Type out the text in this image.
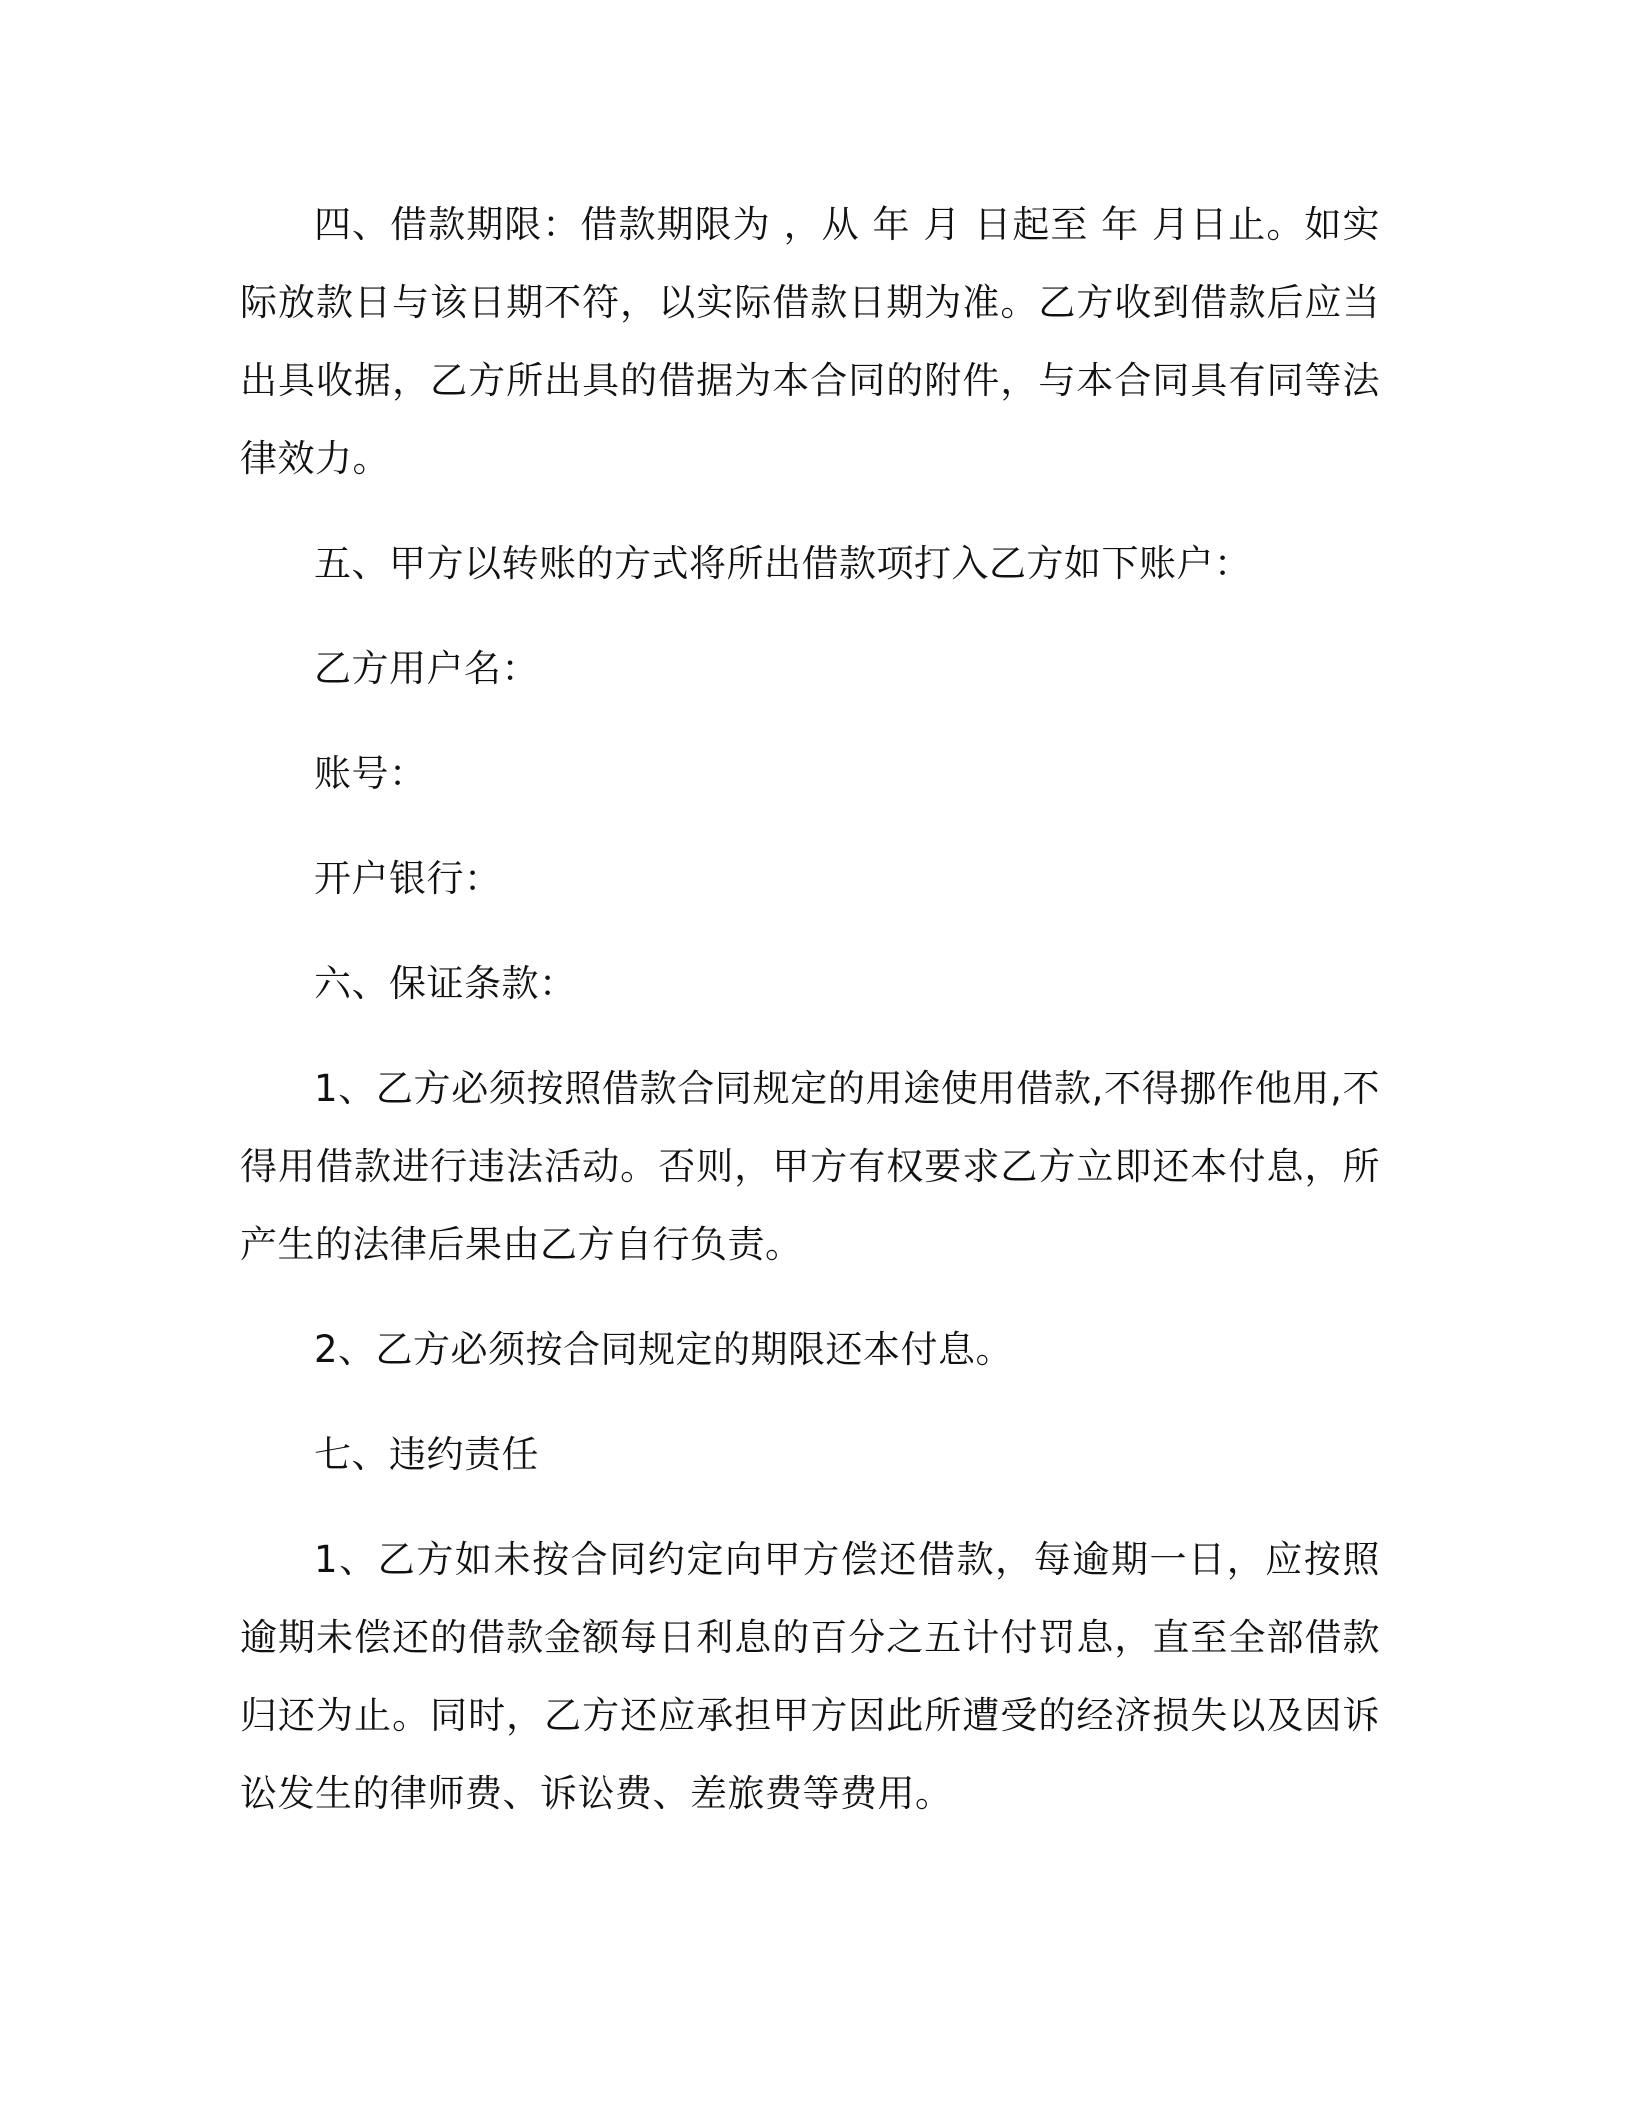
四、借款期限：借款期限为 ，从 年 月 日起至 年 月日止。如实际放款日与该日期不符，以实际借款日期为准。乙方收到借款后应当出具收据，乙方所出具的借据为本合同的附件，与本合同具有同等法律效力。

五、甲方以转账的方式将所出借款项打入乙方如下账户：

乙方用户名：

账号：

开户银行：

六、保证条款：

1、乙方必须按照借款合同规定的用途使用借款,不得挪作他用,不得用借款进行违法活动。否则，甲方有权要求乙方立即还本付息，所产生的法律后果由乙方自行负责。

2、乙方必须按合同规定的期限还本付息。

七、违约责任

1、乙方如未按合同约定向甲方偿还借款，每逾期一日，应按照逾期未偿还的借款金额每日利息的百分之五计付罚息，直至全部借款归还为止。同时，乙方还应承担甲方因此所遭受的经济损失以及因诉讼发生的律师费、诉讼费、差旅费等费用。
